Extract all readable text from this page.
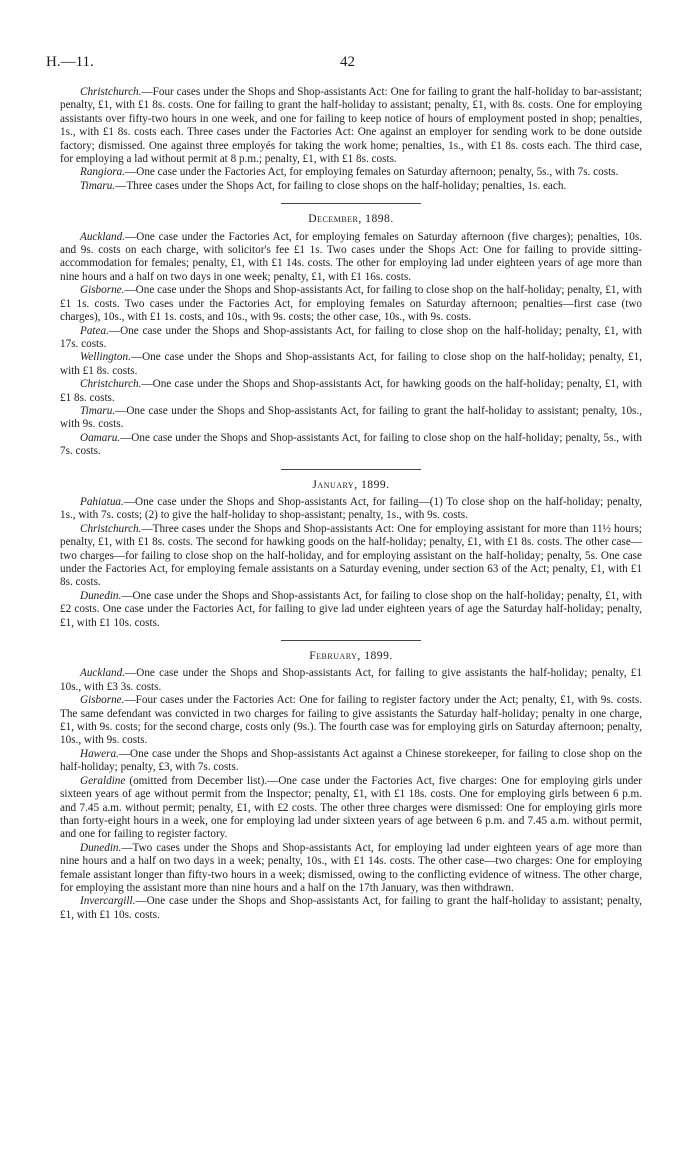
H.—11.	42

Christchurch.—Four cases under the Shops and Shop-assistants Act: One for failing to grant the half-holiday to bar-assistant; penalty, £1, with £1 8s. costs. One for failing to grant the half-holiday to assistant; penalty, £1, with 8s. costs. One for employing assistants over fifty-two hours in one week, and one for failing to keep notice of hours of employment posted in shop; penalties, 1s., with £1 8s. costs each. Three cases under the Factories Act: One against an employer for sending work to be done outside factory; dismissed. One against three employés for taking the work home; penalties, 1s., with £1 8s. costs each. The third case, for employing a lad without permit at 8 p.m.; penalty, £1, with £1 8s. costs.

Rangiora.—One case under the Factories Act, for employing females on Saturday afternoon; penalty, 5s., with 7s. costs.

Timaru.—Three cases under the Shops Act, for failing to close shops on the half-holiday; penalties, 1s. each.

December, 1898.

Auckland.—One case under the Factories Act, for employing females on Saturday afternoon (five charges); penalties, 10s. and 9s. costs on each charge, with solicitor's fee £1 1s. Two cases under the Shops Act: One for failing to provide sitting-accommodation for females; penalty, £1, with £1 14s. costs. The other for employing lad under eighteen years of age more than nine hours and a half on two days in one week; penalty, £1, with £1 16s. costs.

Gisborne.—One case under the Shops and Shop-assistants Act, for failing to close shop on the half-holiday; penalty, £1, with £1 1s. costs. Two cases under the Factories Act, for employing females on Saturday afternoon; penalties—first case (two charges), 10s., with £1 1s. costs, and 10s., with 9s. costs; the other case, 10s., with 9s. costs.

Patea.—One case under the Shops and Shop-assistants Act, for failing to close shop on the half-holiday; penalty, £1, with 17s. costs.

Wellington.—One case under the Shops and Shop-assistants Act, for failing to close shop on the half-holiday; penalty, £1, with £1 8s. costs.

Christchurch.—One case under the Shops and Shop-assistants Act, for hawking goods on the half-holiday; penalty, £1, with £1 8s. costs.

Timaru.—One case under the Shops and Shop-assistants Act, for failing to grant the half-holiday to assistant; penalty, 10s., with 9s. costs.

Oamaru.—One case under the Shops and Shop-assistants Act, for failing to close shop on the half-holiday; penalty, 5s., with 7s. costs.

January, 1899.

Pahiatua.—One case under the Shops and Shop-assistants Act, for failing—(1) To close shop on the half-holiday; penalty, 1s., with 7s. costs; (2) to give the half-holiday to shop-assistant; penalty, 1s., with 9s. costs.

Christchurch.—Three cases under the Shops and Shop-assistants Act: One for employing assistant for more than 11½ hours; penalty, £1, with £1 8s. costs. The second for hawking goods on the half-holiday; penalty, £1, with £1 8s. costs. The other case—two charges—for failing to close shop on the half-holiday, and for employing assistant on the half-holiday; penalty, 5s. One case under the Factories Act, for employing female assistants on a Saturday evening, under section 63 of the Act; penalty, £1, with £1 8s. costs.

Dunedin.—One case under the Shops and Shop-assistants Act, for failing to close shop on the half-holiday; penalty, £1, with £2 costs. One case under the Factories Act, for failing to give lad under eighteen years of age the Saturday half-holiday; penalty, £1, with £1 10s. costs.

February, 1899.

Auckland.—One case under the Shops and Shop-assistants Act, for failing to give assistants the half-holiday; penalty, £1 10s., with £3 3s. costs.

Gisborne.—Four cases under the Factories Act: One for failing to register factory under the Act; penalty, £1, with 9s. costs. The same defendant was convicted in two charges for failing to give assistants the Saturday half-holiday; penalty in one charge, £1, with 9s. costs; for the second charge, costs only (9s.). The fourth case was for employing girls on Saturday afternoon; penalty, 10s., with 9s. costs.

Hawera.—One case under the Shops and Shop-assistants Act against a Chinese storekeeper, for failing to close shop on the half-holiday; penalty, £3, with 7s. costs.

Geraldine (omitted from December list).—One case under the Factories Act, five charges: One for employing girls under sixteen years of age without permit from the Inspector; penalty, £1, with £1 18s. costs. One for employing girls between 6 p.m. and 7.45 a.m. without permit; penalty, £1, with £2 costs. The other three charges were dismissed: One for employing girls more than forty-eight hours in a week, one for employing lad under sixteen years of age between 6 p.m. and 7.45 a.m. without permit, and one for failing to register factory.

Dunedin.—Two cases under the Shops and Shop-assistants Act, for employing lad under eighteen years of age more than nine hours and a half on two days in a week; penalty, 10s., with £1 14s. costs. The other case—two charges: One for employing female assistant longer than fifty-two hours in a week; dismissed, owing to the conflicting evidence of witness. The other charge, for employing the assistant more than nine hours and a half on the 17th January, was then withdrawn.

Invercargill.—One case under the Shops and Shop-assistants Act, for failing to grant the half-holiday to assistant; penalty, £1, with £1 10s. costs.
